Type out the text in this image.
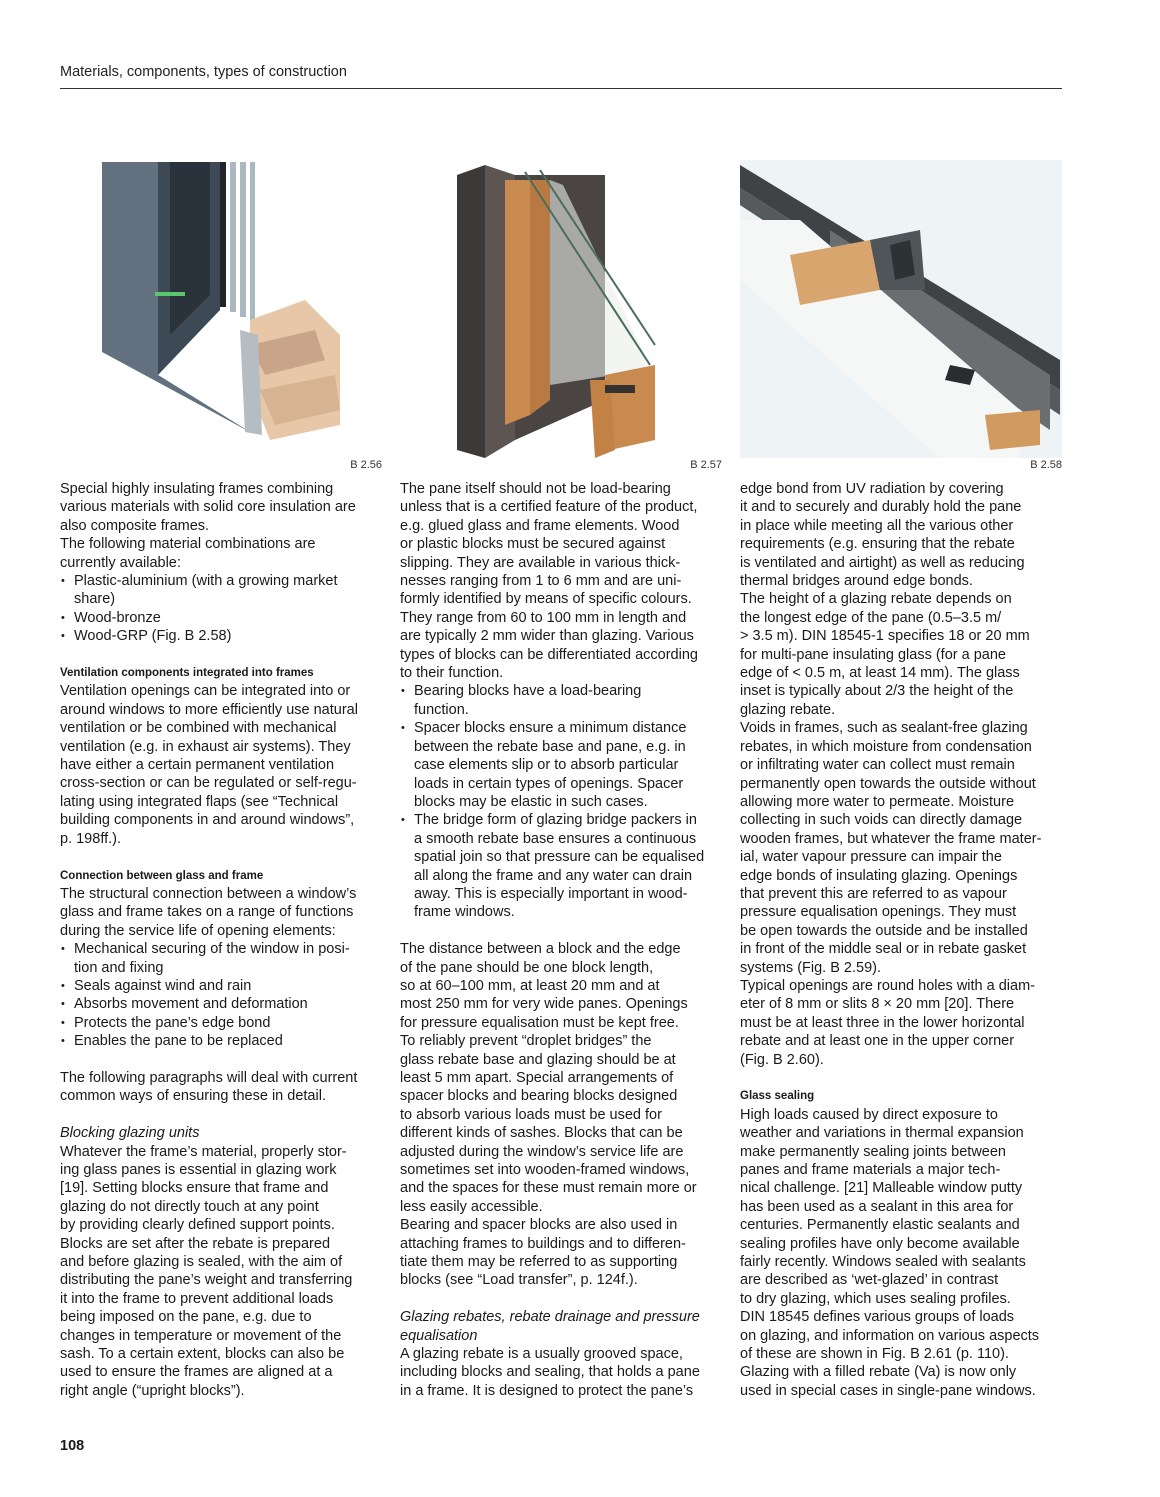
Materials, components, types of construction
B 2.56	B 2.57	B 2.58

Special highly insulating frames combining
various materials with solid core insulation are
also composite frames.
The following material combinations are
currently available:

• Plastic-aluminium (with a growing market
share)
• Wood-bronze
• Wood-GRP (Fig. B 2.58)
Ventilation components integrated into frames

Ventilation openings can be integrated into or
around windows to more efficiently use natural
ventilation or be combined with mechanical
ventilation (e.g. in exhaust air systems). They
have either a certain permanent ventilation
cross-section or can be regulated or self-regu-
lating using integrated flaps (see “Technical
building components in and around windows”,
p. 198ff.).

Connection between glass and frame

The structural connection between a window’s
glass and frame takes on a range of functions
during the service life of opening elements:

• Mechanical securing of the window in posi-
tion and fixing
• Seals against wind and rain
• Absorbs movement and deformation
• Protects the pane’s edge bond
• Enables the pane to be replaced

The following paragraphs will deal with current
common ways of ensuring these in detail.

Blocking glazing units

Whatever the frame’s material, properly stor-
ing glass panes is essential in glazing work
[19]. Setting blocks ensure that frame and
glazing do not directly touch at any point
by providing clearly defined support points.
Blocks are set after the rebate is prepared
and before glazing is sealed, with the aim of
distributing the pane’s weight and transferring
it into the frame to prevent additional loads
being imposed on the pane, e.g. due to
changes in temperature or movement of the
sash. To a certain extent, blocks can also be
used to ensure the frames are aligned at a
right angle (“upright blocks”).

The pane itself should not be load-bearing
unless that is a certified feature of the product,
e.g. glued glass and frame elements. Wood
or plastic blocks must be secured against
slipping. They are available in various thick-
nesses ranging from 1 to 6 mm and are uni-
formly identified by means of specific colours.
They range from 60 to 100 mm in length and
are typically 2 mm wider than glazing. Various
types of blocks can be differentiated according
to their function.

• Bearing blocks have a load-bearing
function.
• Spacer blocks ensure a minimum distance
between the rebate base and pane, e.g. in
case elements slip or to absorb particular
loads in certain types of openings. Spacer
blocks may be elastic in such cases.
• The bridge form of glazing bridge packers in
a smooth rebate base ensures a continuous
spatial join so that pressure can be equalised
all along the frame and any water can drain
away. This is especially important in wood-
frame windows.

The distance between a block and the edge
of the pane should be one block length,
so at 60–100 mm, at least 20 mm and at
most 250 mm for very wide panes. Openings
for pressure equalisation must be kept free.
To reliably prevent “droplet bridges” the
glass rebate base and glazing should be at
least 5 mm apart. Special arrangements of
spacer blocks and bearing blocks designed
to absorb various loads must be used for
different kinds of sashes. Blocks that can be
adjusted during the window’s service life are
sometimes set into wooden-framed windows,
and the spaces for these must remain more or
less easily accessible.
Bearing and spacer blocks are also used in
attaching frames to buildings and to differen-
tiate them may be referred to as supporting
blocks (see “Load transfer”, p. 124f.).

Glazing rebates, rebate drainage and pressure
equalisation

A glazing rebate is a usually grooved space,
including blocks and sealing, that holds a pane
in a frame. It is designed to protect the pane’s

edge bond from UV radiation by covering
it and to securely and durably hold the pane
in place while meeting all the various other
requirements (e.g. ensuring that the rebate
is ventilated and airtight) as well as reducing
thermal bridges around edge bonds.
The height of a glazing rebate depends on
the longest edge of the pane (0.5–3.5 m/
> 3.5 m). DIN 18545-1 specifies 18 or 20 mm
for multi-pane insulating glass (for a pane
edge of < 0.5 m, at least 14 mm). The glass
inset is typically about 2/3 the height of the
glazing rebate.
Voids in frames, such as sealant-free glazing
rebates, in which moisture from condensation
or infiltrating water can collect must remain
permanently open towards the outside without
allowing more water to permeate. Moisture
collecting in such voids can directly damage
wooden frames, but whatever the frame mater-
ial, water vapour pressure can impair the
edge bonds of insulating glazing. Openings
that prevent this are referred to as vapour
pressure equalisation openings. They must
be open towards the outside and be installed
in front of the middle seal or in rebate gasket
systems (Fig. B 2.59).
Typical openings are round holes with a diam-
eter of 8 mm or slits 8 × 20 mm [20]. There
must be at least three in the lower horizontal
rebate and at least one in the upper corner
(Fig. B 2.60).

Glass sealing

High loads caused by direct exposure to
weather and variations in thermal expansion
make permanently sealing joints between
panes and frame materials a major tech-
nical challenge. [21] Malleable window putty
has been used as a sealant in this area for
centuries. Permanently elastic sealants and
sealing profiles have only become available
fairly recently. Windows sealed with sealants
are described as ‘wet-glazed’ in contrast
to dry glazing, which uses sealing profiles.
DIN 18545 defines various groups of loads
on glazing, and information on various aspects
of these are shown in Fig. B 2.61 (p. 110).
Glazing with a filled rebate (Va) is now only
used in special cases in single-pane windows.

108
